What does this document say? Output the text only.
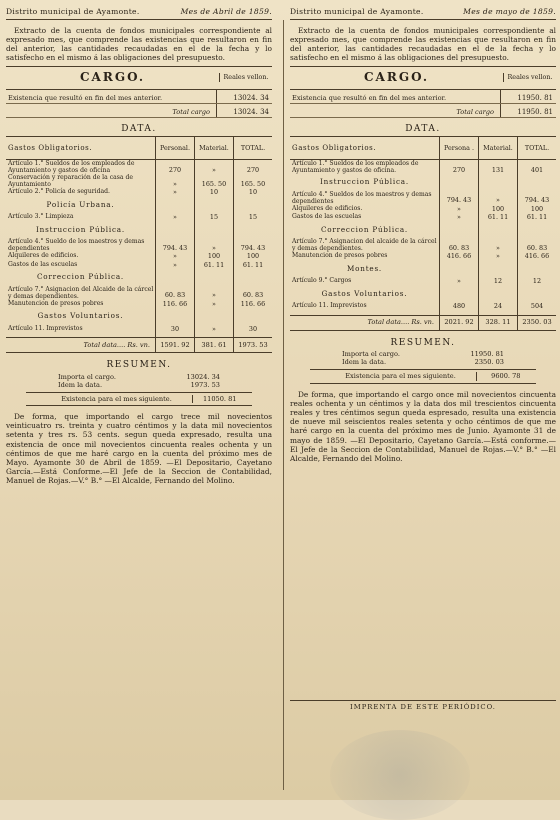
Distrito municipal de Ayamonte.	Mes de Abril de 1859.
Extracto de la cuenta de fondos municipales correspondiente al expresado mes, que comprende las existencias que resultaron en fin del anterior, las cantidades recaudadas en el de la fecha y lo satisfecho en el mismo á las obligaciones del presupuesto.
CARGO.	Reales vellon.
Existencia que resultó en fin del mes anterior.	13024. 34
Total cargo	13024. 34
DATA.
Gastos Obligatorios.	Personal.	Material.	TOTAL.
Artículo 1.° Sueldos de los empleados de Ayuntamiento y gastos de oficina	270	»	270
Conservación y reparación de la casa de Ayuntamiento	»	165. 50	165. 50
Artículo 2.° Policía de seguridad.	»	10	10
Policía Urbana.
Artículo 3.° Limpieza	»	15	15
Instruccion Pública.
Artículo 4.° Sueldo de los maestros y demas dependientes	794. 43	»	794. 43
Alquileres de edificios.	»	100	100
Gastos de las escuelas	»	61. 11	61. 11
Correccion Pública.
Artículo 7.° Asignacion del Alcaide de la cárcel y demas dependientes.	60. 83	»	60. 83
Manutencion de presos pobres	116. 66	»	116. 66
Gastos Voluntarios.
Artículo 11. Imprevistos	30	»	30
Total data.... Rs. vn.	1591. 92	381. 61	1973. 53
RESUMEN.
Importa el cargo.	13024. 34
Idem la data.	1973. 53
Existencia para el mes siguiente.	11050. 81
De forma, que importando el cargo trece mil novecientos veinticuatro rs. treinta y cuatro céntimos y la data mil novecientos setenta y tres rs. 53 cents. segun queda expresado, resulta una existencia de once mil novecientos cincuenta reales ochenta y un céntimos de que me haré cargo en la cuenta del próximo mes de Mayo. Ayamonte 30 de Abril de 1859. —El Depositario, Cayetano García.—Está Conforme.—El Jefe de la Seccion de Contabilidad, Manuel de Rojas.—V.° B.° —El Alcalde, Fernando del Molino.
Distrito municipal de Ayamonte.	Mes de mayo de 1859.
Extracto de la cuenta de fondos municipales correspondiente al expresado mes, que comprende las existencias que resultaron en fin del anterior, las cantidades recaudadas en el de la fecha y lo satisfecho en el mismo á las obligaciones del presupuesto.
CARGO.	Reales vellon.
Existencia que resultó en fin del mes anterior.	11950. 81
Total cargo	11950. 81
DATA.
Gastos Obligatorios.	Persona .	Material.	TOTAL.
Artículo 1.° Sueldos de los empleados de Ayuntamiento y gastos de oficina.	270	131	401
Instruccion Pública.
Artículo 4.° Sueldos de los maestros y demas dependientes	794. 43	»	794. 43
Alquileres de edificios.	»	100	100
Gastos de las escuelas	»	61. 11	61. 11
Correccion Pública.
Artículo 7.° Asignacion del alcaide de la cárcel y demas dependientes.	60. 83	»	60. 83
Manutencion de presos pobres	416. 66	»	416. 66
Montes.
Artículo 9.° Cargos	»	12	12
Gastos Voluntarios.
Artículo 11. Imprevistos	480	24	504
Total data.... Rs. vn.	2021. 92	328. 11	2350. 03
RESUMEN.
Importa el cargo.	11950. 81
Idem la data.	2350. 03
Existencia para el mes siguiente.	9600. 78
De forma, que importando el cargo once mil novecientos cincuenta reales ochenta y un céntimos y la data dos mil trescientos cincuenta reales y tres céntimos segun queda espresado, resulta una existencia de nueve mil seiscientos reales setenta y ocho céntimos de que me haré cargo en la cuenta del próximo mes de Junio. Ayamonte 31 de mayo de 1859. —El Depositario, Cayetano García.—Está conforme.—El Jefe de la Seccion de Contabilidad, Manuel de Rojas.—V.° B.° —El Alcalde, Fernando del Molino.
IMPRENTA DE ESTE PERIÓDICO.
